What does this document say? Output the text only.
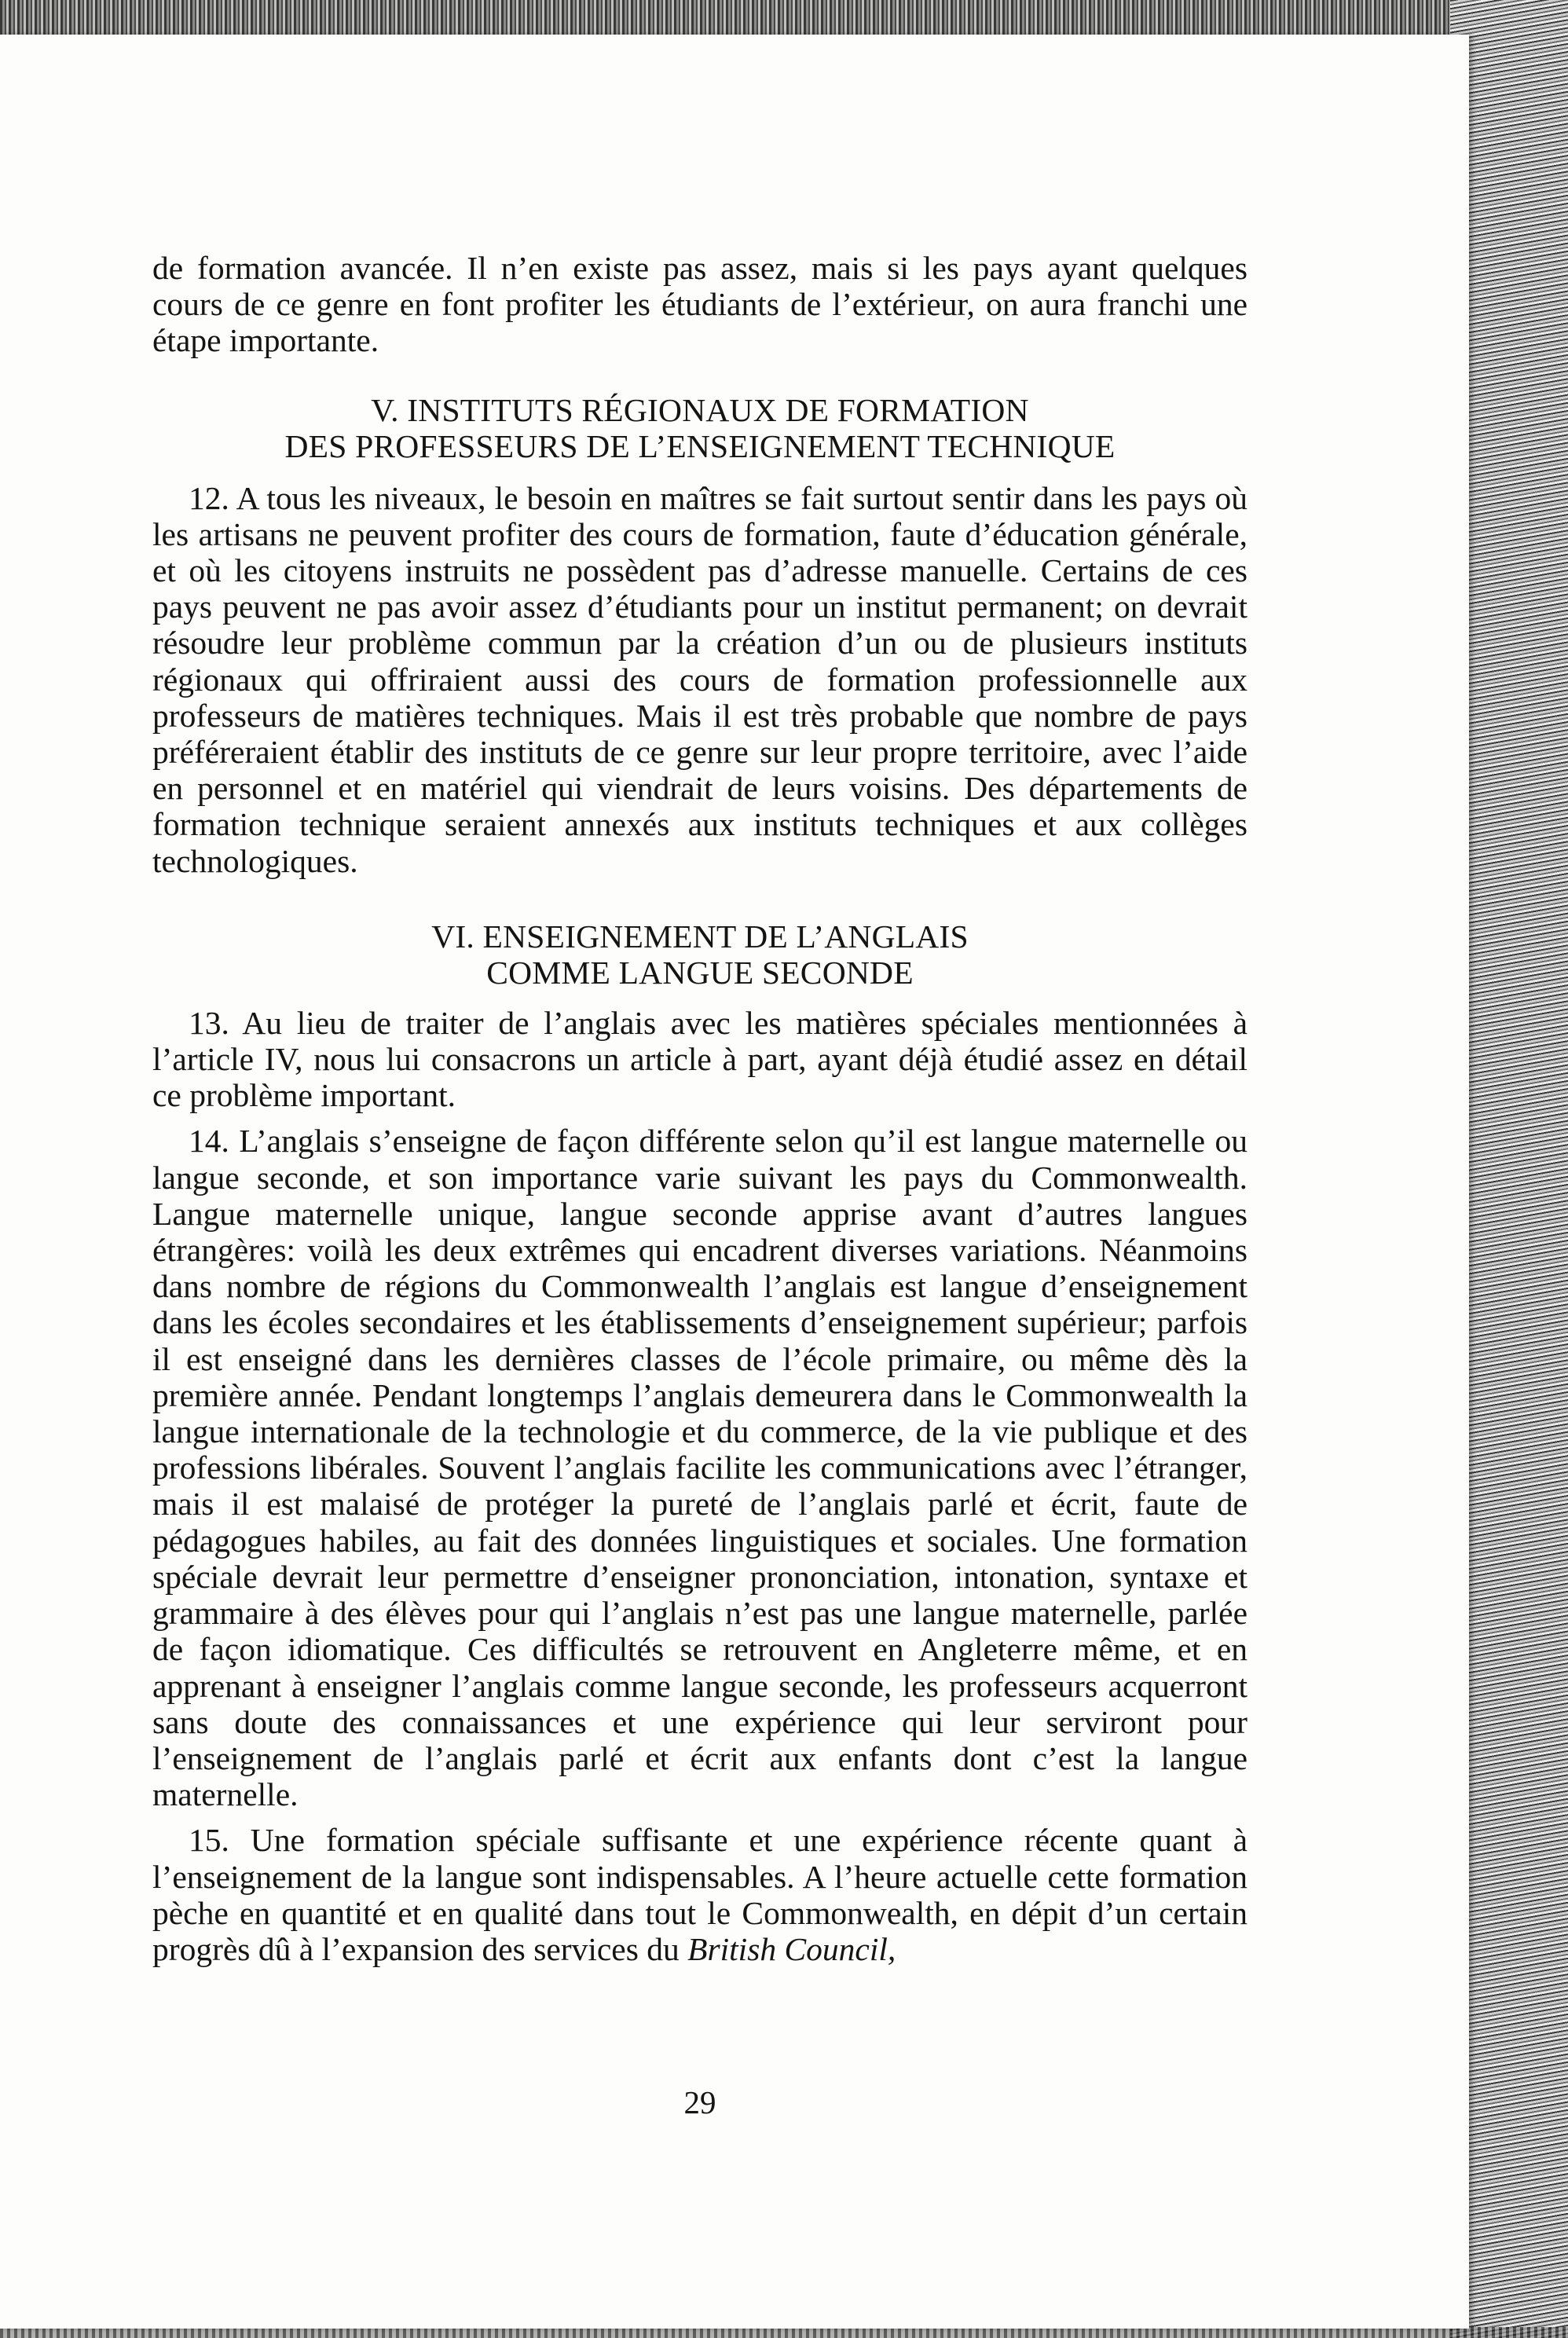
de formation avancée. Il n’en existe pas assez, mais si les pays ayant quelques cours de ce genre en font profiter les étudiants de l’extérieur, on aura franchi une étape importante.

V. INSTITUTS RÉGIONAUX DE FORMATION

DES PROFESSEURS DE L’ENSEIGNEMENT TECHNIQUE

12. A tous les niveaux, le besoin en maîtres se fait surtout sentir dans les pays où les artisans ne peuvent profiter des cours de formation, faute d’éducation générale, et où les citoyens instruits ne possèdent pas d’adresse manuelle. Certains de ces pays peuvent ne pas avoir assez d’étudiants pour un institut permanent; on devrait résoudre leur problème commun par la création d’un ou de plusieurs instituts régionaux qui offriraient aussi des cours de formation professionnelle aux professeurs de matières techniques. Mais il est très probable que nombre de pays préféreraient établir des instituts de ce genre sur leur propre territoire, avec l’aide en personnel et en matériel qui viendrait de leurs voisins. Des départements de formation technique seraient annexés aux instituts techniques et aux collèges technologiques.

VI. ENSEIGNEMENT DE L’ANGLAIS

COMME LANGUE SECONDE

13. Au lieu de traiter de l’anglais avec les matières spéciales mentionnées à l’article IV, nous lui consacrons un article à part, ayant déjà étudié assez en détail ce problème important.

14. L’anglais s’enseigne de façon différente selon qu’il est langue maternelle ou langue seconde, et son importance varie suivant les pays du Commonwealth. Langue maternelle unique, langue seconde apprise avant d’autres langues étrangères: voilà les deux extrêmes qui encadrent diverses variations. Néanmoins dans nombre de régions du Commonwealth l’anglais est langue d’enseignement dans les écoles secondaires et les établissements d’enseignement supérieur; parfois il est enseigné dans les dernières classes de l’école primaire, ou même dès la première année. Pendant longtemps l’anglais demeurera dans le Commonwealth la langue internationale de la technologie et du commerce, de la vie publique et des professions libérales. Souvent l’anglais facilite les communications avec l’étranger, mais il est malaisé de protéger la pureté de l’anglais parlé et écrit, faute de pédagogues habiles, au fait des données linguistiques et sociales. Une formation spéciale devrait leur permettre d’enseigner prononciation, intonation, syntaxe et grammaire à des élèves pour qui l’anglais n’est pas une langue maternelle, parlée de façon idiomatique. Ces difficultés se retrouvent en Angleterre même, et en apprenant à enseigner l’anglais comme langue seconde, les professeurs acquerront sans doute des connaissances et une expérience qui leur serviront pour l’enseignement de l’anglais parlé et écrit aux enfants dont c’est la langue maternelle.

15. Une formation spéciale suffisante et une expérience récente quant à l’enseignement de la langue sont indispensables. A l’heure actuelle cette formation pèche en quantité et en qualité dans tout le Commonwealth, en dépit d’un certain progrès dû à l’expansion des services du British Council,

29
